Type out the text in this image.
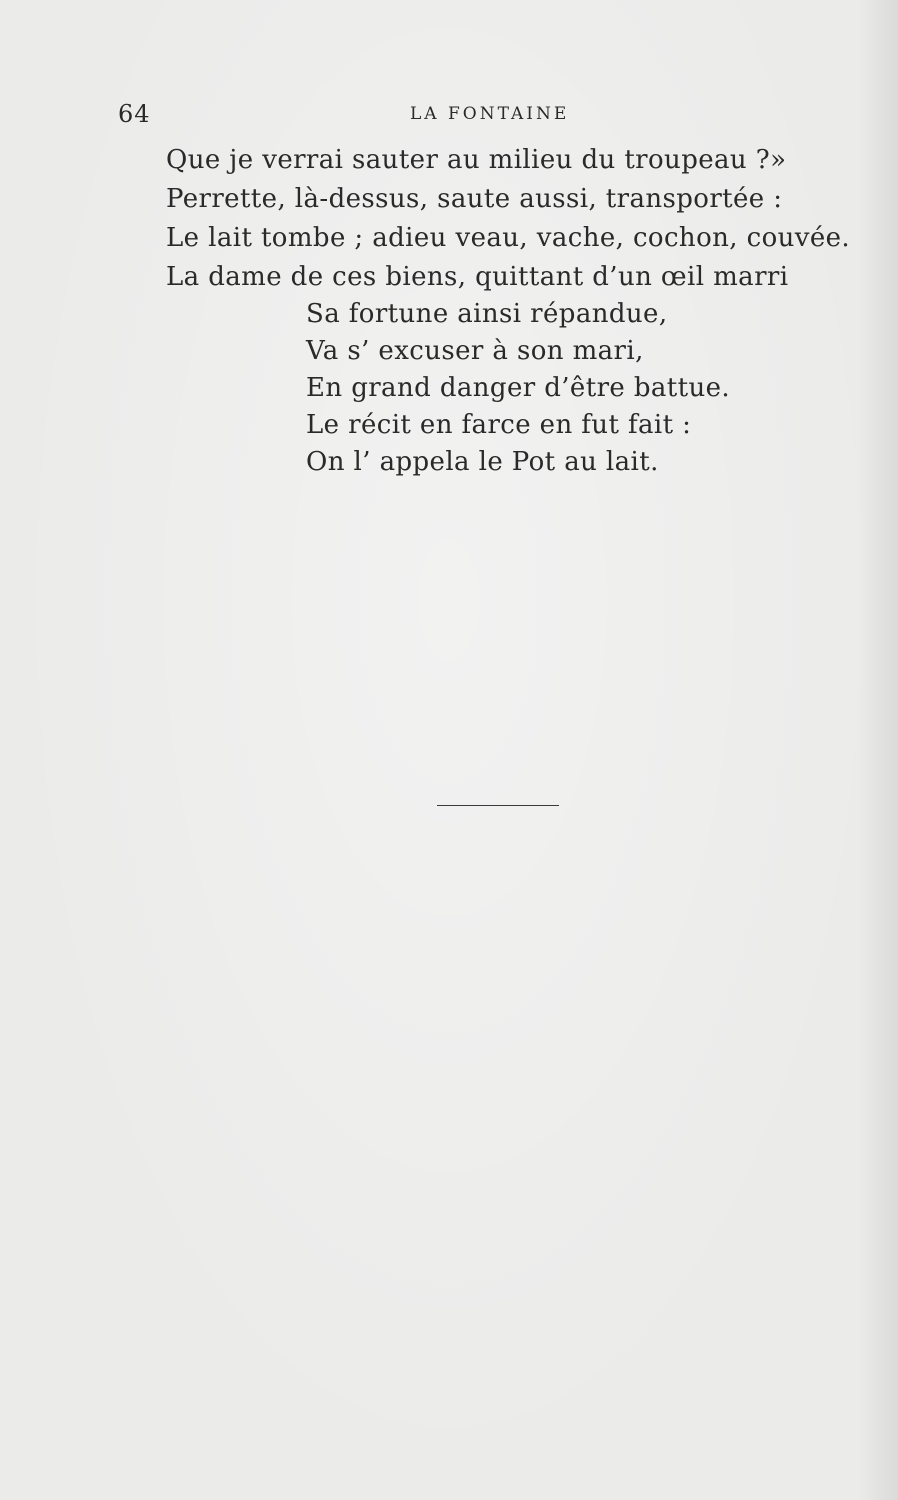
64	LA FONTAINE
Que je verrai sauter au milieu du troupeau ?»
Perrette, là-dessus, saute aussi, transportée :
Le lait tombe ; adieu veau, vache, cochon, couvée.
La dame de ces biens, quittant d’un œil marri
Sa fortune ainsi répandue,
Va s’ excuser à son mari,
En grand danger d’être battue.
Le récit en farce en fut fait :
On l’ appela le Pot au lait.
